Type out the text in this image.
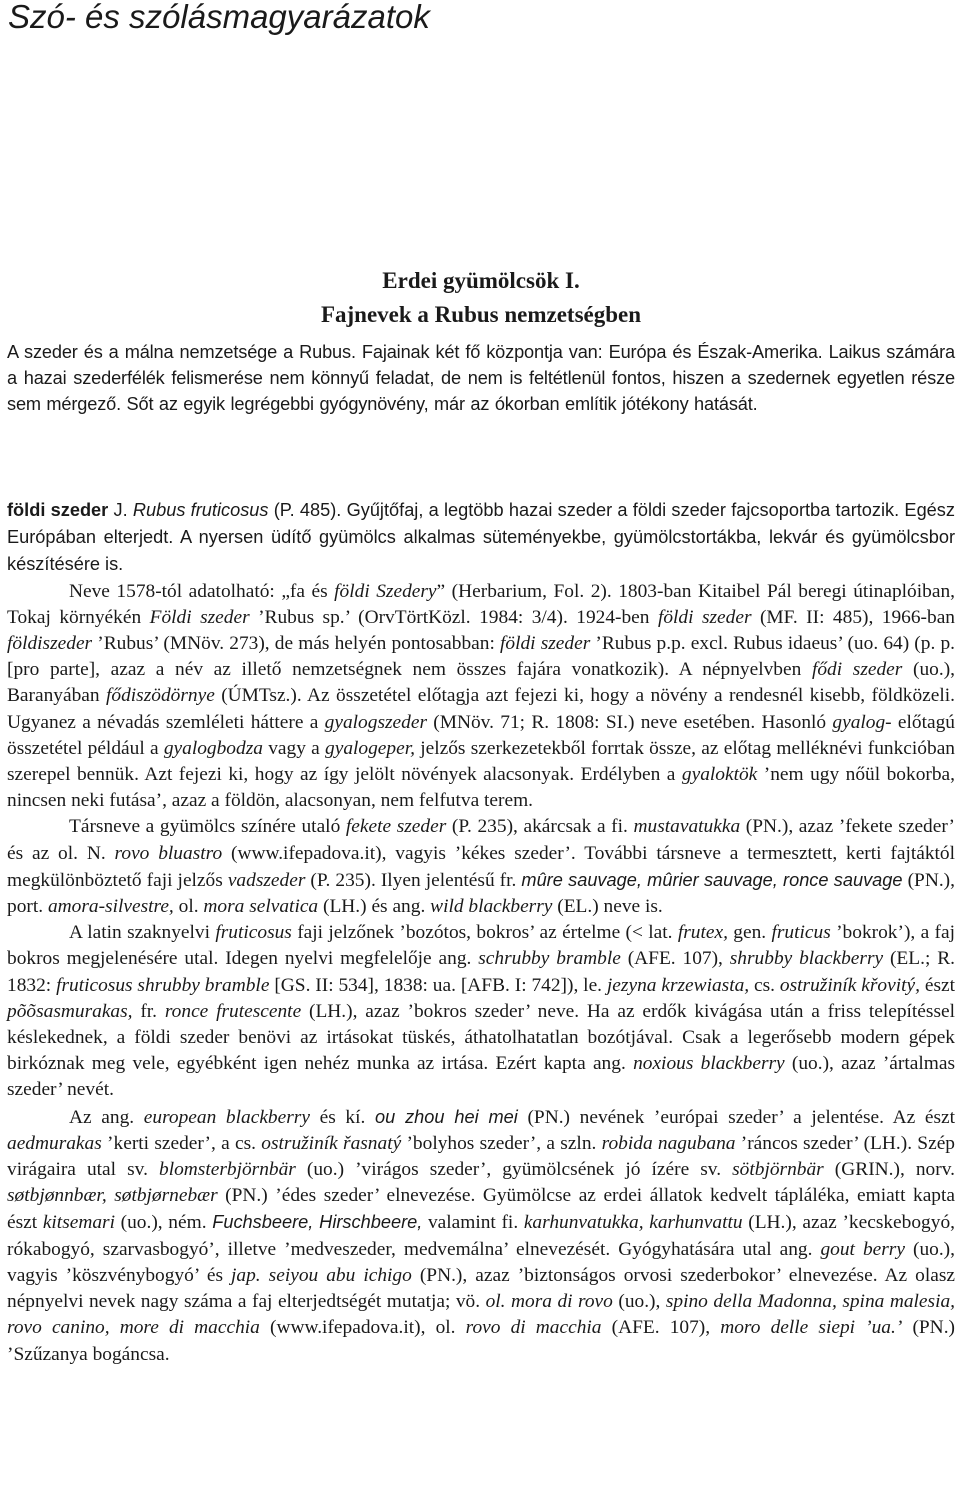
Szó- és szólásmagyarázatok
Erdei gyümölcsök I.
Fajnevek a Rubus nemzetségben

A szeder és a málna nemzetsége a Rubus. Fajainak két fő központja van: Európa és Észak-Amerika. Laikus számára a hazai szederfélék felismerése nem könnyű feladat, de nem is feltétlenül fontos, hiszen a szedernek egyetlen része sem mérgező. Sőt az egyik legrégebbi gyógynövény, már az ókorban említik jótékony hatását.

földi szeder J. Rubus fruticosus (P. 485). Gyűjtőfaj, a legtöbb hazai szeder a földi szeder fajcsoportba tartozik. Egész Európában elterjedt. A nyersen üdítő gyümölcs alkalmas süteményekbe, gyümölcstortákba, lekvár és gyümölcsbor készítésére is.

Neve 1578-tól adatolható: „fa és földi Szedery” (Herbarium, Fol. 2). 1803-ban Kitaibel Pál beregi útinaplóiban, Tokaj környékén Földi szeder ’Rubus sp.’ (OrvTörtKözl. 1984: 3/4). 1924-ben földi szeder (MF. II: 485), 1966-ban földiszeder ’Rubus’ (MNöv. 273), de más helyén pontosabban: földi szeder ’Rubus p.p. excl. Rubus idaeus’ (uo. 64) (p. p. [pro parte], azaz a név az illető nemzetségnek nem összes fajára vonatkozik). A népnyelvben fődi szeder (uo.), Baranyában fődiszödörnye (ÚMTsz.). Az összetétel előtagja azt fejezi ki, hogy a növény a rendesnél kisebb, földközeli. Ugyanez a névadás szemléleti háttere a gyalogszeder (MNöv. 71; R. 1808: SI.) neve esetében. Hasonló gyalog- előtagú összetétel például a gyalogbodza vagy a gyalogeper, jelzős szerkezetekből forrtak össze, az előtag melléknévi funkcióban szerepel bennük. Azt fejezi ki, hogy az így jelölt növények alacsonyak. Erdélyben a gyaloktök ’nem ugy nőül bokorba, nincsen neki futása’, azaz a földön, alacsonyan, nem felfutva terem.

Társneve a gyümölcs színére utaló fekete szeder (P. 235), akárcsak a fi. mustavatukka (PN.), azaz ’fekete szeder’ és az ol. N. rovo bluastro (www.ifepadova.it), vagyis ’kékes szeder’. További társneve a termesztett, kerti fajtáktól megkülönböztető faji jelzős vadszeder (P. 235). Ilyen jelentésű fr. mûre sauvage, mûrier sauvage, ronce sauvage (PN.), port. amora-silvestre, ol. mora selvatica (LH.) és ang. wild blackberry (EL.) neve is.

A latin szaknyelvi fruticosus faji jelzőnek ’bozótos, bokros’ az értelme (< lat. frutex, gen. fruticus ’bokrok’), a faj bokros megjelenésére utal. Idegen nyelvi megfelelője ang. schrubby bramble (AFE. 107), shrubby blackberry (EL.; R. 1832: fruticosus shrubby bramble [GS. II: 534], 1838: ua. [AFB. I: 742]), le. jezyna krzewiasta, cs. ostružiník křovitý, észt põõsasmurakas, fr. ronce frutescente (LH.), azaz ’bokros szeder’ neve. Ha az erdők kivágása után a friss telepítéssel késlekednek, a földi szeder benövi az irtásokat tüskés, áthatolhatatlan bozótjával. Csak a legerősebb modern gépek birkóznak meg vele, egyébként igen nehéz munka az irtása. Ezért kapta ang. noxious blackberry (uo.), azaz ’ártalmas szeder’ nevét.

Az ang. european blackberry és kí. ou zhou hei mei (PN.) nevének ’európai szeder’ a jelentése. Az észt aedmurakas ’kerti szeder’, a cs. ostružiník řasnatý ’bolyhos szeder’, a szln. robida nagubana ’ráncos szeder’ (LH.). Szép virágaira utal sv. blomsterbjörnbär (uo.) ’virágos szeder’, gyümölcsének jó ízére sv. sötbjörnbär (GRIN.), norv. søtbjønnbær, søtbjørnebær (PN.) ’édes szeder’ elnevezése. Gyümölcse az erdei állatok kedvelt tápláléka, emiatt kapta észt kitsemari (uo.), ném. Fuchsbeere, Hirschbeere, valamint fi. karhunvatukka, karhunvattu (LH.), azaz ’kecskebogyó, rókabogyó, szarvasbogyó’, illetve ’medveszeder, medvemálna’ elnevezését. Gyógyhatására utal ang. gout berry (uo.), vagyis ’köszvénybogyó’ és jap. seiyou abu ichigo (PN.), azaz ’biztonságos orvosi szederbokor’ elnevezése. Az olasz népnyelvi nevek nagy száma a faj elterjedtségét mutatja; vö. ol. mora di rovo (uo.), spino della Madonna, spina malesia, rovo canino, more di macchia (www.ifepadova.it), ol. rovo di macchia (AFE. 107), moro delle siepi ’ua.’ (PN.) ’Szűzanya bogáncsa.
